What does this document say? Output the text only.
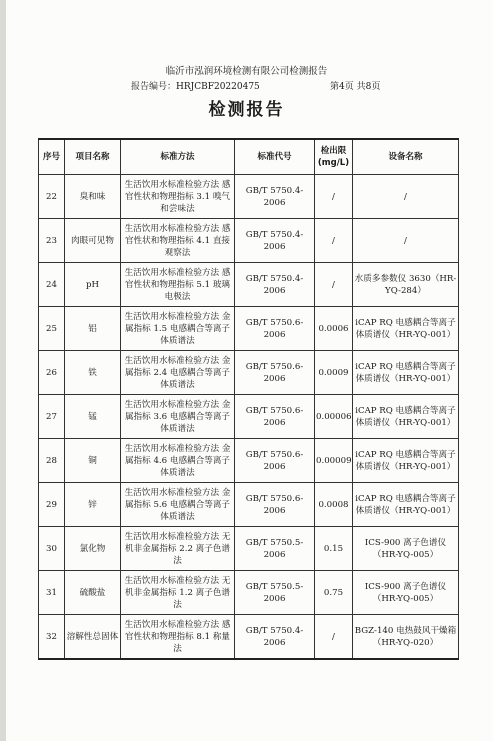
临沂市泓润环境检测有限公司检测报告
报告编号：HRJCBF20220475	第4页 共8页
检测报告
序号	项目名称	标准方法	标准代号	检出限 (mg/L)	设备名称
22	臭和味	生活饮用水标准检验方法 感官性状和物理指标 3.1 嗅气和尝味法	GB/T 5750.4-2006	/	/
23	肉眼可见物	生活饮用水标准检验方法 感官性状和物理指标 4.1 直接观察法	GB/T 5750.4-2006	/	/
24	pH	生活饮用水标准检验方法 感官性状和物理指标 5.1 玻璃电极法	GB/T 5750.4-2006	/	水质多参数仪 3630（HR-YQ-284）
25	铝	生活饮用水标准检验方法 金属指标 1.5 电感耦合等离子体质谱法	GB/T 5750.6-2006	0.0006	iCAP RQ 电感耦合等离子体质谱仪（HR-YQ-001）
26	铁	生活饮用水标准检验方法 金属指标 2.4 电感耦合等离子体质谱法	GB/T 5750.6-2006	0.0009	iCAP RQ 电感耦合等离子体质谱仪（HR-YQ-001）
27	锰	生活饮用水标准检验方法 金属指标 3.6 电感耦合等离子体质谱法	GB/T 5750.6-2006	0.00006	iCAP RQ 电感耦合等离子体质谱仪（HR-YQ-001）
28	铜	生活饮用水标准检验方法 金属指标 4.6 电感耦合等离子体质谱法	GB/T 5750.6-2006	0.00009	iCAP RQ 电感耦合等离子体质谱仪（HR-YQ-001）
29	锌	生活饮用水标准检验方法 金属指标 5.6 电感耦合等离子体质谱法	GB/T 5750.6-2006	0.0008	iCAP RQ 电感耦合等离子体质谱仪（HR-YQ-001）
30	氯化物	生活饮用水标准检验方法 无机非金属指标 2.2 离子色谱法	GB/T 5750.5-2006	0.15	ICS-900 离子色谱仪（HR-YQ-005）
31	硫酸盐	生活饮用水标准检验方法 无机非金属指标 1.2 离子色谱法	GB/T 5750.5-2006	0.75	ICS-900 离子色谱仪（HR-YQ-005）
32	溶解性总固体	生活饮用水标准检验方法 感官性状和物理指标 8.1 称量法	GB/T 5750.4-2006	/	BGZ-140 电热鼓风干燥箱（HR-YQ-020）
